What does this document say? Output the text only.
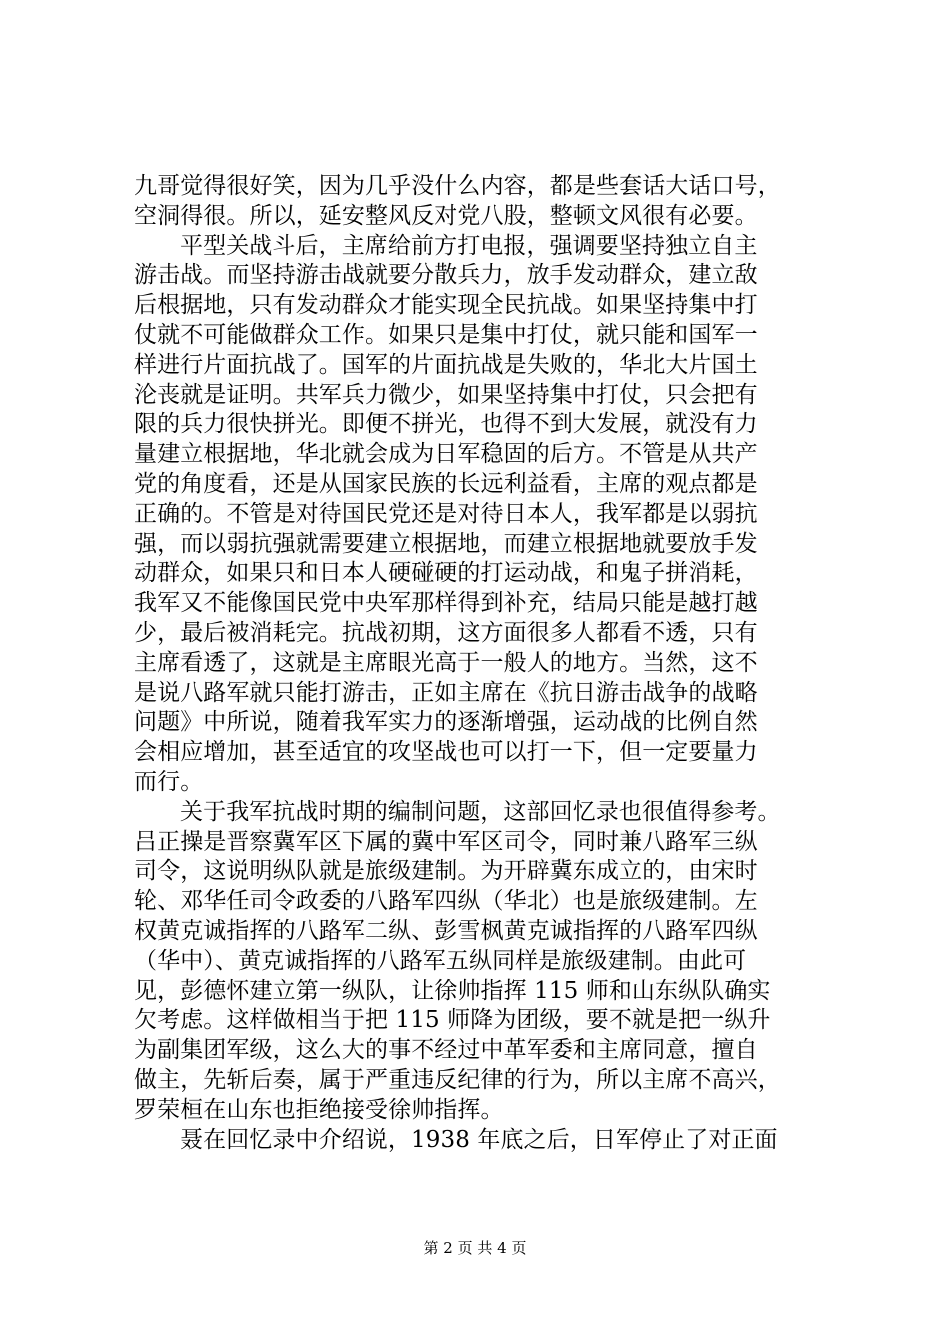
九哥觉得很好笑，因为几乎没什么内容，都是些套话大话口号，
空洞得很。所以，延安整风反对党八股，整顿文风很有必要。
平型关战斗后，主席给前方打电报，强调要坚持独立自主
游击战。而坚持游击战就要分散兵力，放手发动群众，建立敌
后根据地，只有发动群众才能实现全民抗战。如果坚持集中打
仗就不可能做群众工作。如果只是集中打仗，就只能和国军一
样进行片面抗战了。国军的片面抗战是失败的，华北大片国土
沦丧就是证明。共军兵力微少，如果坚持集中打仗，只会把有
限的兵力很快拼光。即便不拼光，也得不到大发展，就没有力
量建立根据地，华北就会成为日军稳固的后方。不管是从共产
党的角度看，还是从国家民族的长远利益看，主席的观点都是
正确的。不管是对待国民党还是对待日本人，我军都是以弱抗
强，而以弱抗强就需要建立根据地，而建立根据地就要放手发
动群众，如果只和日本人硬碰硬的打运动战，和鬼子拼消耗，
我军又不能像国民党中央军那样得到补充，结局只能是越打越
少，最后被消耗完。抗战初期，这方面很多人都看不透，只有
主席看透了，这就是主席眼光高于一般人的地方。当然，这不
是说八路军就只能打游击，正如主席在《抗日游击战争的战略
问题》中所说，随着我军实力的逐渐增强，运动战的比例自然
会相应增加，甚至适宜的攻坚战也可以打一下，但一定要量力
而行。
关于我军抗战时期的编制问题，这部回忆录也很值得参考。
吕正操是晋察冀军区下属的冀中军区司令，同时兼八路军三纵
司令，这说明纵队就是旅级建制。为开辟冀东成立的，由宋时
轮、邓华任司令政委的八路军四纵（华北）也是旅级建制。左
权黄克诚指挥的八路军二纵、彭雪枫黄克诚指挥的八路军四纵
（华中）、黄克诚指挥的八路军五纵同样是旅级建制。由此可
见，彭德怀建立第一纵队，让徐帅指挥 115 师和山东纵队确实
欠考虑。这样做相当于把 115 师降为团级，要不就是把一纵升
为副集团军级，这么大的事不经过中革军委和主席同意，擅自
做主，先斩后奏，属于严重违反纪律的行为，所以主席不高兴，
罗荣桓在山东也拒绝接受徐帅指挥。
聂在回忆录中介绍说，1938 年底之后，日军停止了对正面
第 2 页 共 4 页
